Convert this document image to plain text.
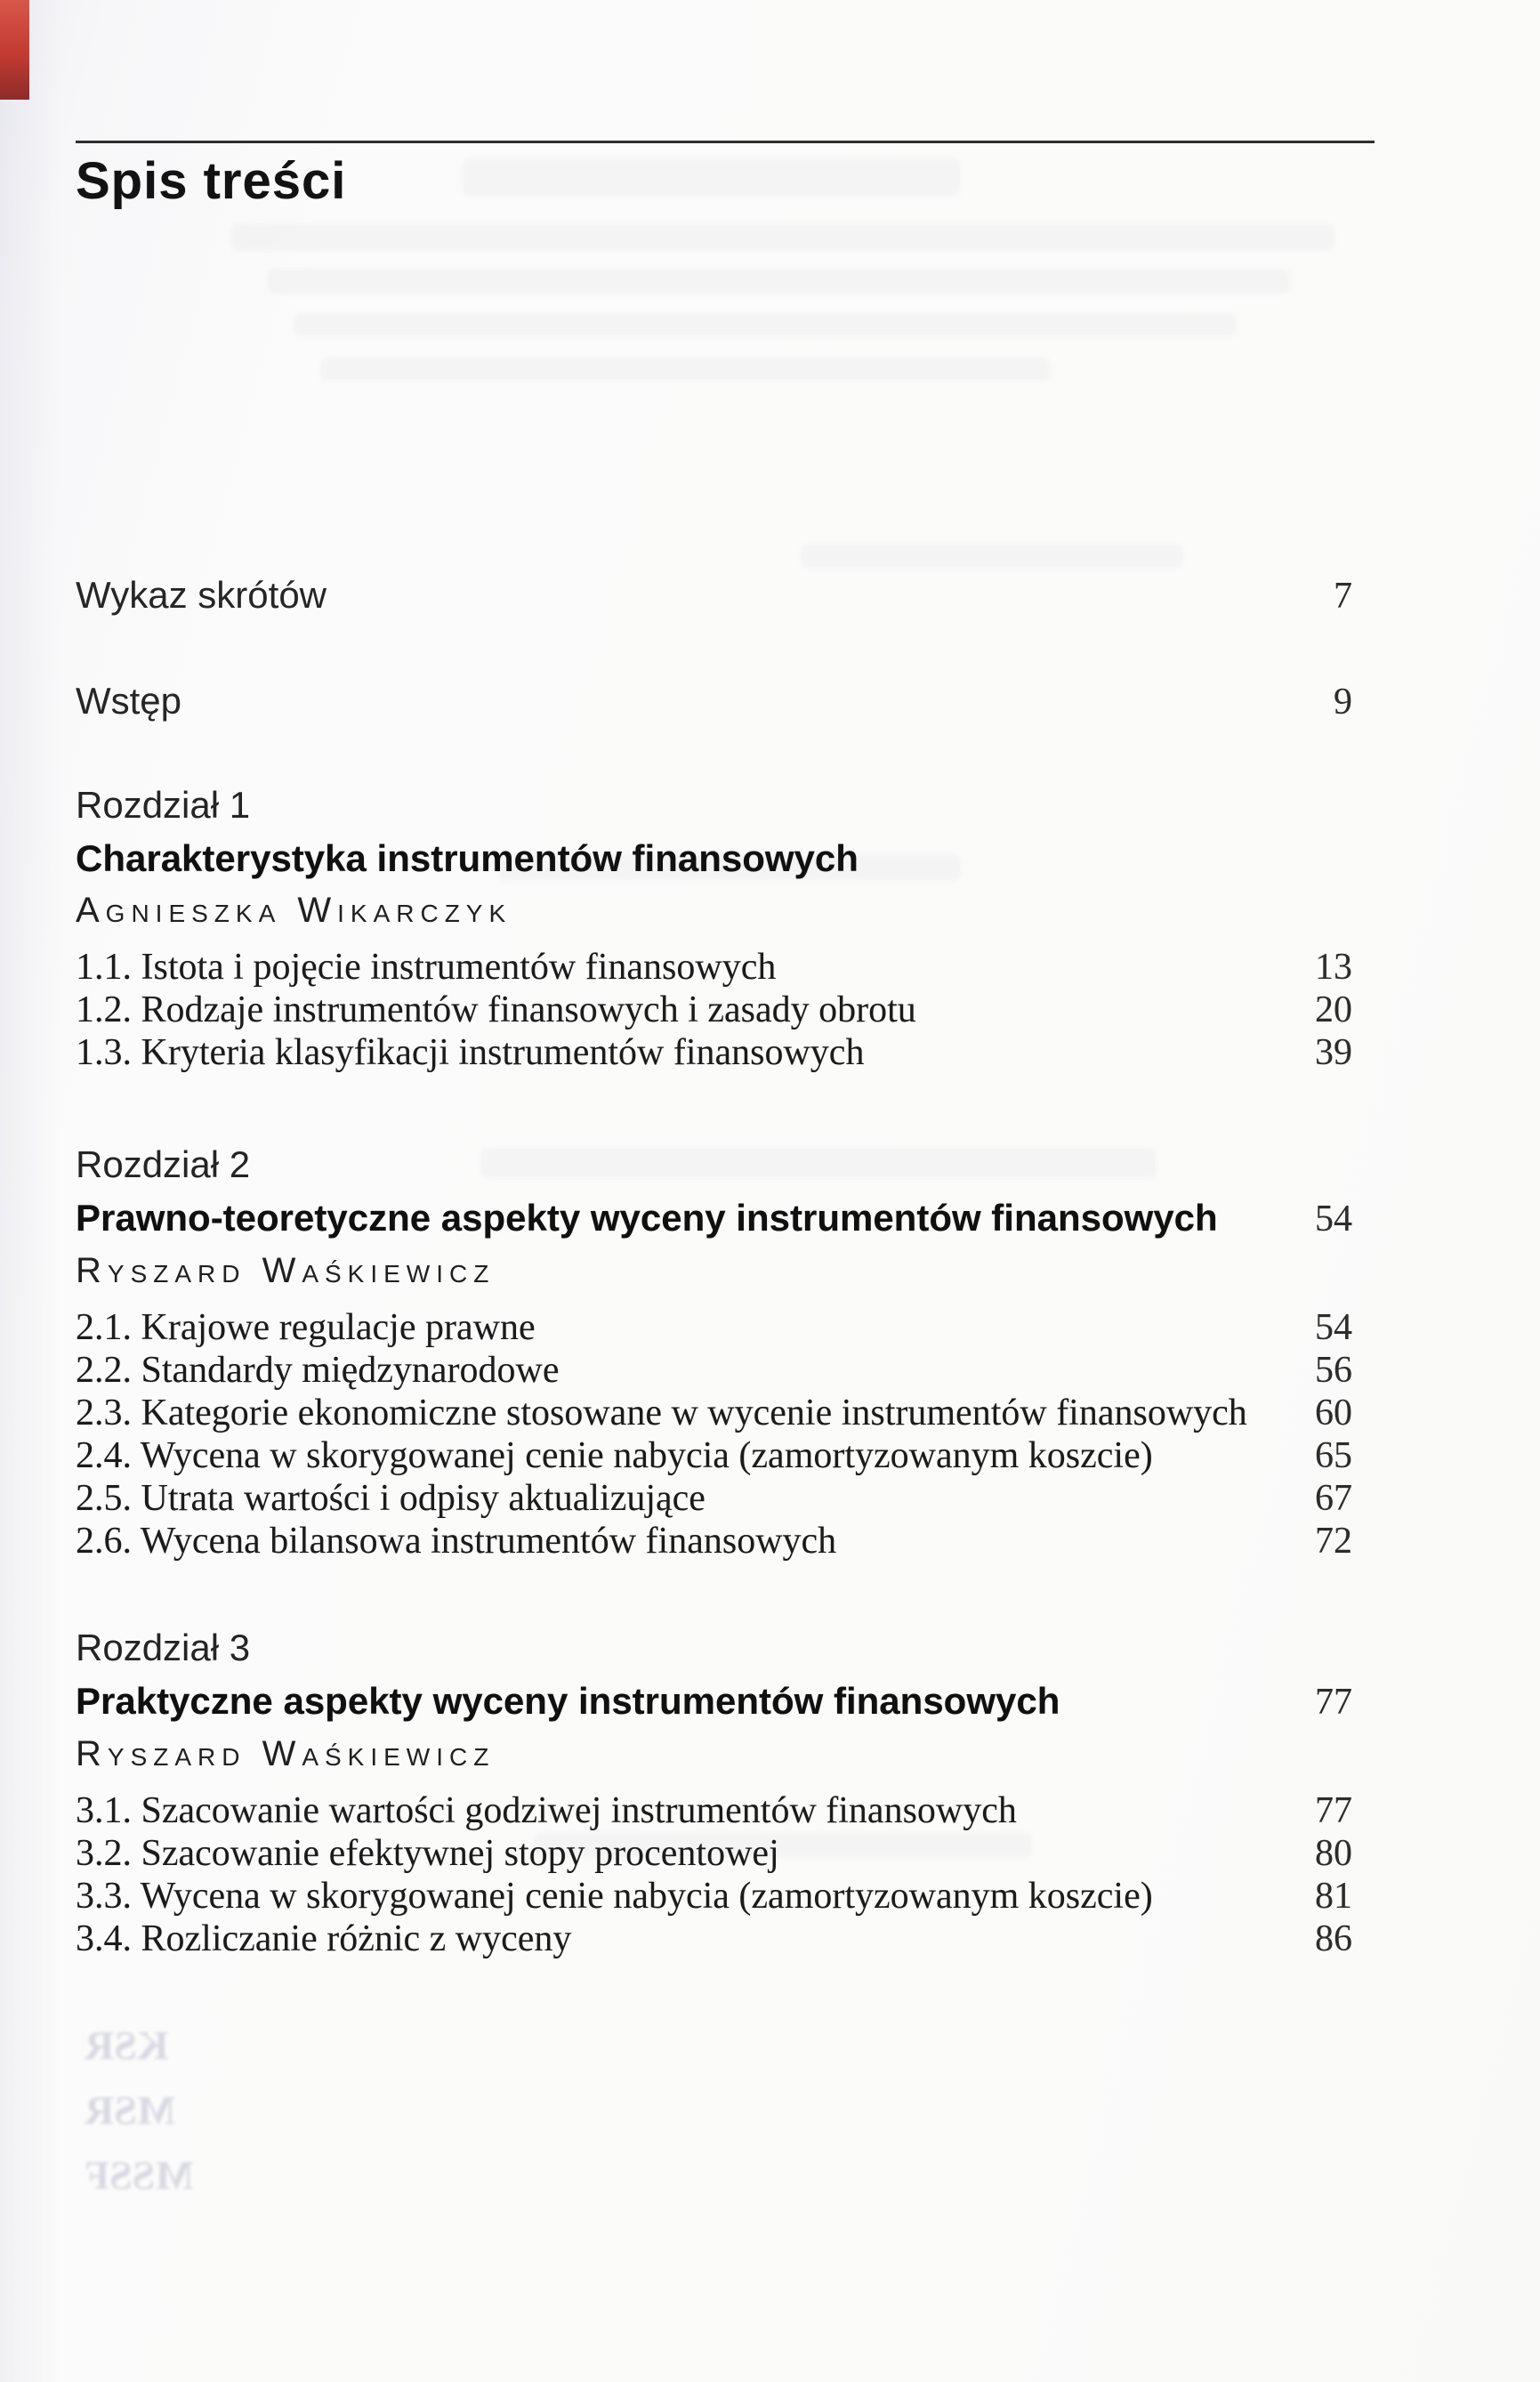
Spis treści
Wykaz skrótów	7
Wstęp	9
Rozdział 1
Charakterystyka instrumentów finansowych
Agnieszka Wikarczyk
1.1. Istota i pojęcie instrumentów finansowych	13
1.2. Rodzaje instrumentów finansowych i zasady obrotu	20
1.3. Kryteria klasyfikacji instrumentów finansowych	39
Rozdział 2
Prawno-teoretyczne aspekty wyceny instrumentów finansowych	54
Ryszard Waśkiewicz
2.1. Krajowe regulacje prawne	54
2.2. Standardy międzynarodowe	56
2.3. Kategorie ekonomiczne stosowane w wycenie instrumentów finansowych 60
2.4. Wycena w skorygowanej cenie nabycia (zamortyzowanym koszcie)	65
2.5. Utrata wartości i odpisy aktualizujące	67
2.6. Wycena bilansowa instrumentów finansowych	72
Rozdział 3
Praktyczne aspekty wyceny instrumentów finansowych	77
Ryszard Waśkiewicz
3.1. Szacowanie wartości godziwej instrumentów finansowych	77
3.2. Szacowanie efektywnej stopy procentowej	80
3.3. Wycena w skorygowanej cenie nabycia (zamortyzowanym koszcie)	81
3.4. Rozliczanie różnic z wyceny	86
KSR
MSR
MSSF
